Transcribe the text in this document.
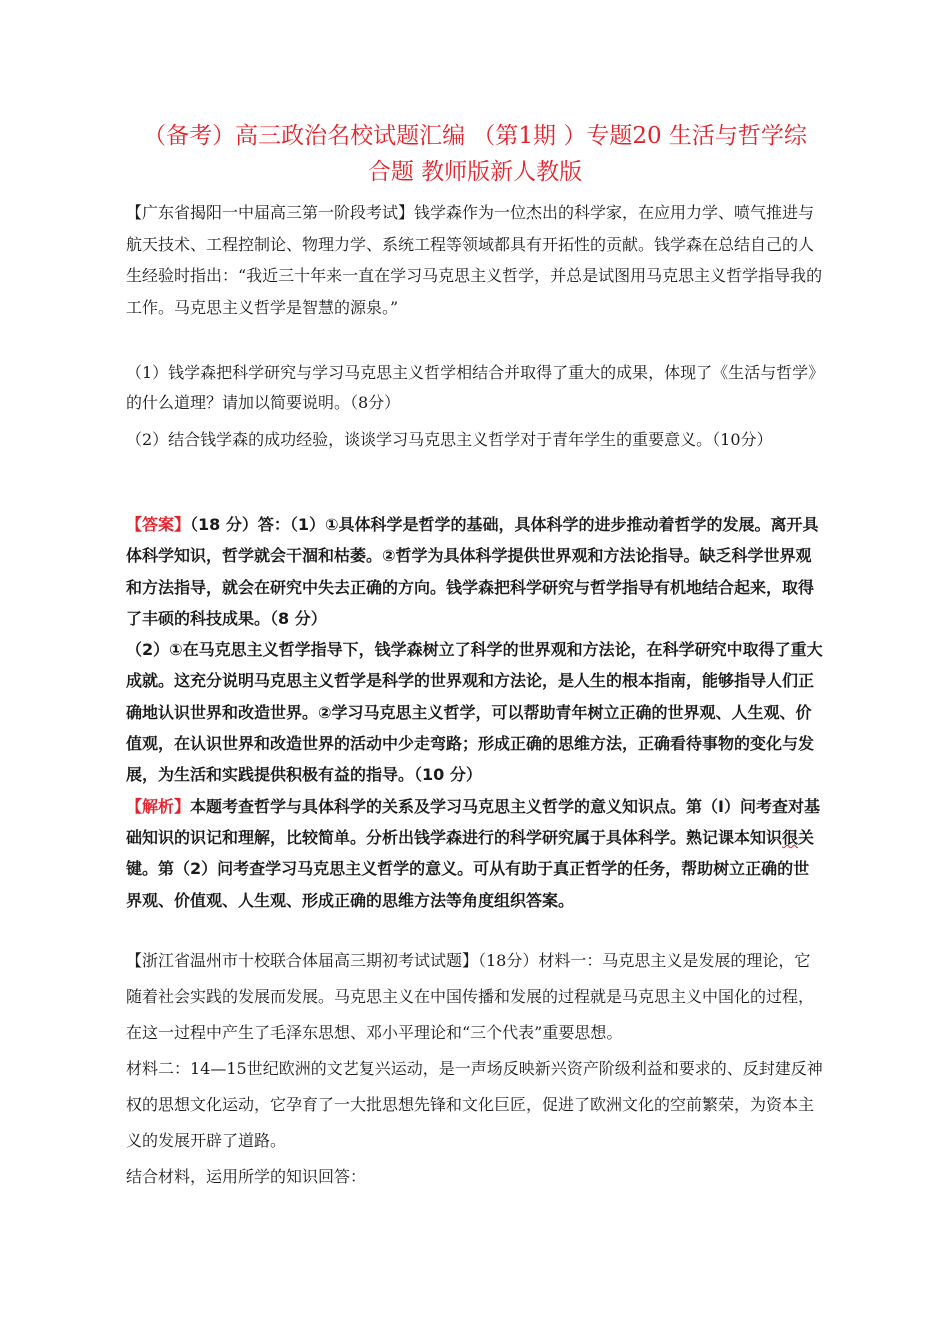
（备考）高三政治名校试题汇编 （第1期 ）专题20 生活与哲学综
合题 教师版新人教版

【广东省揭阳一中届高三第一阶段考试】钱学森作为一位杰出的科学家，在应用力学、喷气推进与航天技术、工程控制论、物理力学、系统工程等领域都具有开拓性的贡献。钱学森在总结自己的人生经验时指出：“我近三十年来一直在学习马克思主义哲学，并总是试图用马克思主义哲学指导我的工作。马克思主义哲学是智慧的源泉。”

（1）钱学森把科学研究与学习马克思主义哲学相结合并取得了重大的成果，体现了《生活与哲学》的什么道理？请加以简要说明。（8分）

（2）结合钱学森的成功经验，谈谈学习马克思主义哲学对于青年学生的重要意义。（10分）

【答案】（18 分）答：（1）①具体科学是哲学的基础，具体科学的进步推动着哲学的发展。离开具体科学知识，哲学就会干涸和枯萎。②哲学为具体科学提供世界观和方法论指导。缺乏科学世界观和方法指导，就会在研究中失去正确的方向。钱学森把科学研究与哲学指导有机地结合起来，取得了丰硕的科技成果。（8 分）

（2）①在马克思主义哲学指导下，钱学森树立了科学的世界观和方法论，在科学研究中取得了重大成就。这充分说明马克思主义哲学是科学的世界观和方法论，是人生的根本指南，能够指导人们正确地认识世界和改造世界。②学习马克思主义哲学，可以帮助青年树立正确的世界观、人生观、价值观，在认识世界和改造世界的活动中少走弯路；形成正确的思维方法，正确看待事物的变化与发展，为生活和实践提供积极有益的指导。（10 分）

【解析】本题考查哲学与具体科学的关系及学习马克思主义哲学的意义知识点。第（Ⅰ）问考查对基础知识的识记和理解，比较简单。分析出钱学森进行的科学研究属于具体科学。熟记课本知识很关键。第（2）问考查学习马克思主义哲学的意义。可从有助于真正哲学的任务，帮助树立正确的世界观、价值观、人生观、形成正确的思维方法等角度组织答案。

【浙江省温州市十校联合体届高三期初考试试题】（18分）材料一：马克思主义是发展的理论，它随着社会实践的发展而发展。马克思主义在中国传播和发展的过程就是马克思主义中国化的过程，在这一过程中产生了毛泽东思想、邓小平理论和“三个代表”重要思想。

材料二：14—15世纪欧洲的文艺复兴运动，是一声场反映新兴资产阶级利益和要求的、反封建反神权的思想文化运动，它孕育了一大批思想先锋和文化巨匠，促进了欧洲文化的空前繁荣，为资本主义的发展开辟了道路。

结合材料，运用所学的知识回答：
